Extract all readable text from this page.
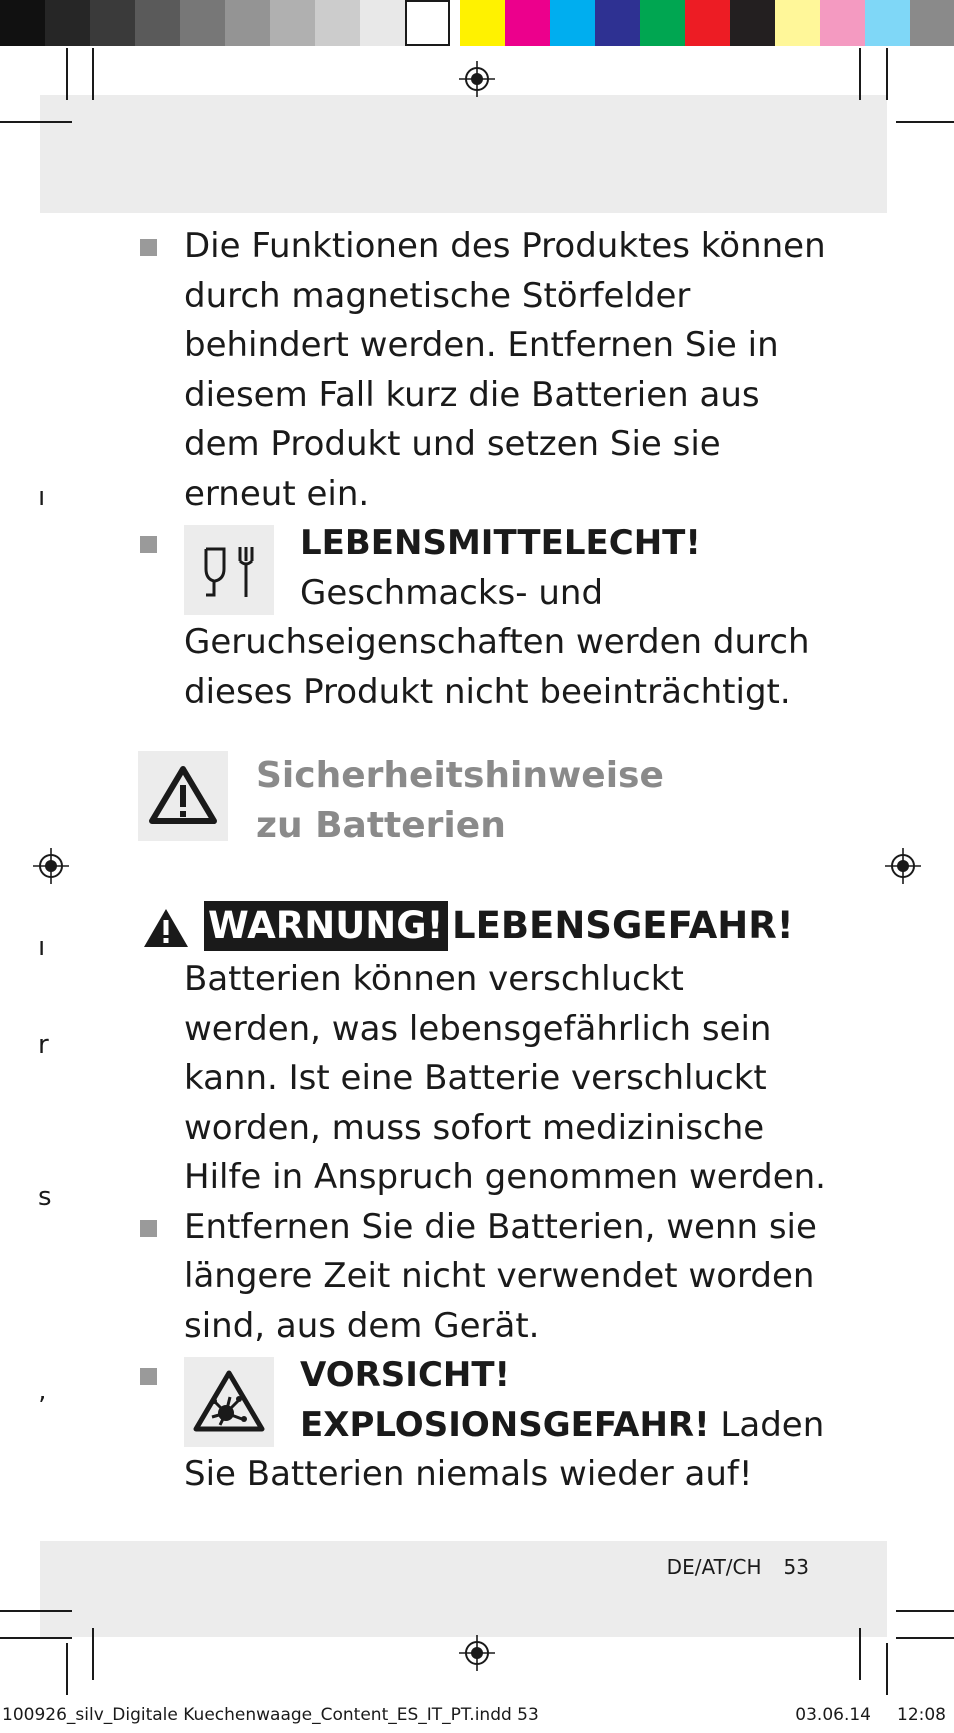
ı
ı
r
s
’

Die Funktionen des Produktes können durch magnetische Störfelder behindert werden. Entfernen Sie in diesem Fall kurz die Batterien aus dem Produkt und setzen Sie sie erneut ein.

LEBENSMITTELECHT! Geschmacks- und Geruchseigenschaften werden durch dieses Produkt nicht beeinträchtigt.

Sicherheitshinweise
zu Batterien

WARNUNG! LEBENSGEFAHR!

Batterien können verschluckt werden, was lebensgefährlich sein kann. Ist eine Batterie verschluckt worden, muss sofort medizinische Hilfe in Anspruch genommen werden.

Entfernen Sie die Batterien, wenn sie längere Zeit nicht verwendet worden sind, aus dem Gerät.

VORSICHT! EXPLOSIONSGEFAHR! Laden Sie Batterien niemals wieder auf!

DE/AT/CH 53
100926_silv_Digitale Kuechenwaage_Content_ES_IT_PT.indd 53	03.06.14 12:08
